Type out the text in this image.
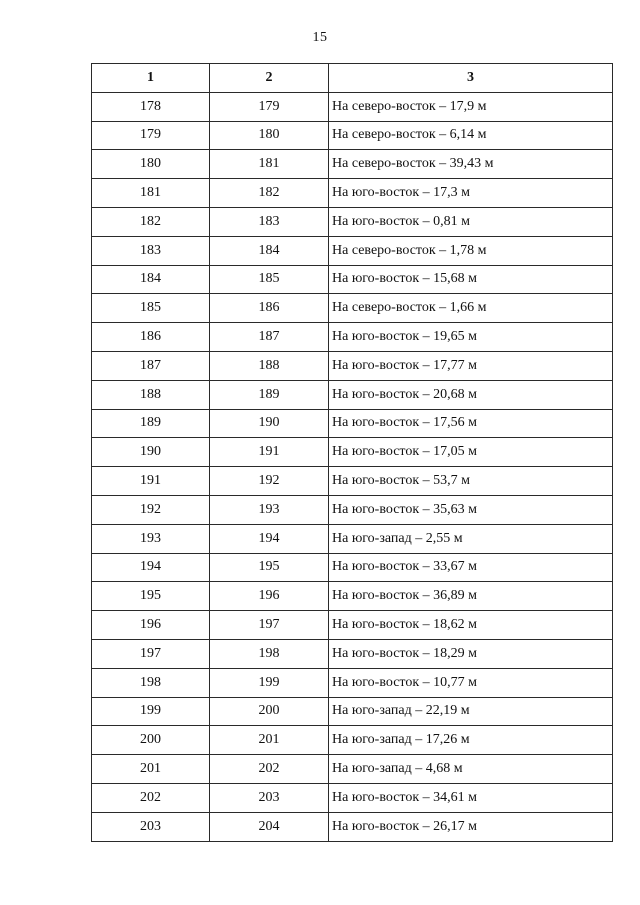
15
1	2	3
178	179	На северо-восток – 17,9 м
179	180	На северо-восток – 6,14 м
180	181	На северо-восток – 39,43 м
181	182	На юго-восток – 17,3 м
182	183	На юго-восток – 0,81 м
183	184	На северо-восток – 1,78 м
184	185	На юго-восток – 15,68 м
185	186	На северо-восток – 1,66 м
186	187	На юго-восток – 19,65 м
187	188	На юго-восток – 17,77 м
188	189	На юго-восток – 20,68 м
189	190	На юго-восток – 17,56 м
190	191	На юго-восток – 17,05 м
191	192	На юго-восток – 53,7 м
192	193	На юго-восток – 35,63 м
193	194	На юго-запад – 2,55 м
194	195	На юго-восток – 33,67 м
195	196	На юго-восток – 36,89 м
196	197	На юго-восток – 18,62 м
197	198	На юго-восток – 18,29 м
198	199	На юго-восток – 10,77 м
199	200	На юго-запад – 22,19 м
200	201	На юго-запад – 17,26 м
201	202	На юго-запад – 4,68 м
202	203	На юго-восток – 34,61 м
203	204	На юго-восток – 26,17 м
